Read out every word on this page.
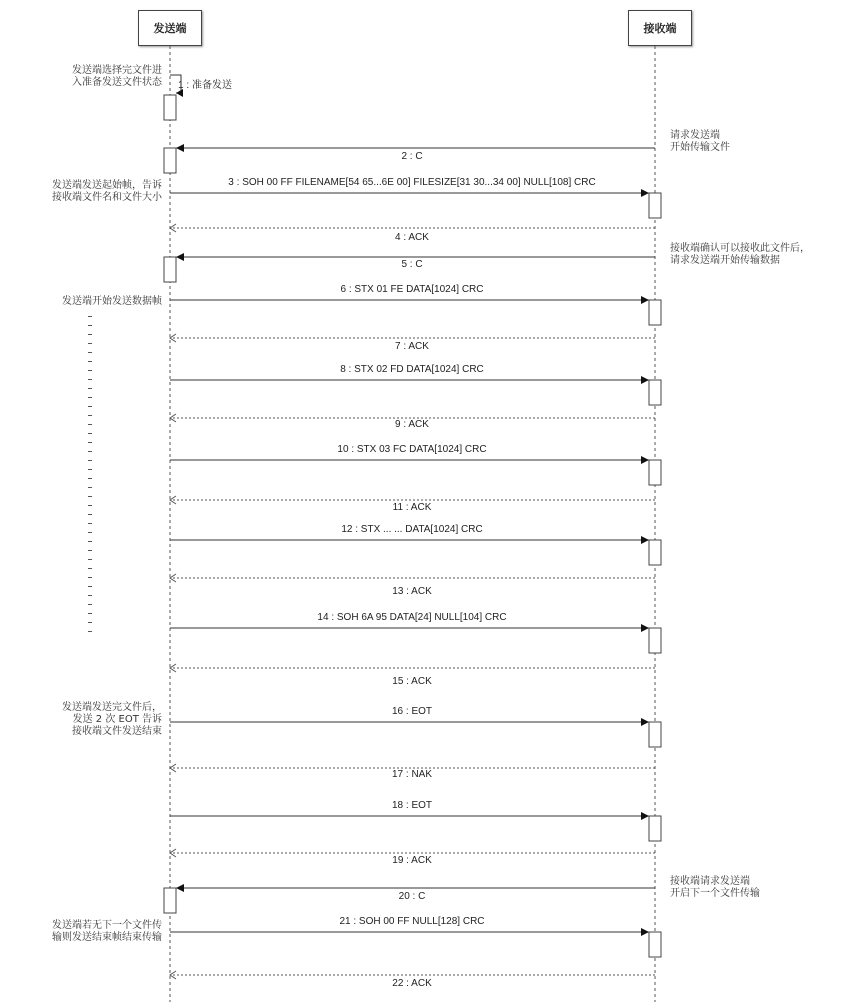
发送端	接收端
1 : 准备发送
2 : C
3 : SOH 00 FF FILENAME[54 65...6E 00] FILESIZE[31 30...34 00] NULL[108] CRC
4 : ACK
5 : C
6 : STX 01 FE DATA[1024] CRC
7 : ACK
8 : STX 02 FD DATA[1024] CRC
9 : ACK
10 : STX 03 FC DATA[1024] CRC
11 : ACK
12 : STX ... ... DATA[1024] CRC
13 : ACK
14 : SOH 6A 95 DATA[24] NULL[104] CRC
15 : ACK
16 : EOT
17 : NAK
18 : EOT
19 : ACK
20 : C
21 : SOH 00 FF NULL[128] CRC
22 : ACK
发送端选择完文件进
入准备发送文件状态
请求发送端
开始传输文件
发送端发送起始帧，告诉
接收端文件名和文件大小
接收端确认可以接收此文件后，
请求发送端开始传输数据
发送端开始发送数据帧
发送端发送完文件后，
发送 2 次 EOT 告诉
接收端文件发送结束
接收端请求发送端
开启下一个文件传输
发送端若无下一个文件传
输则发送结束帧结束传输
